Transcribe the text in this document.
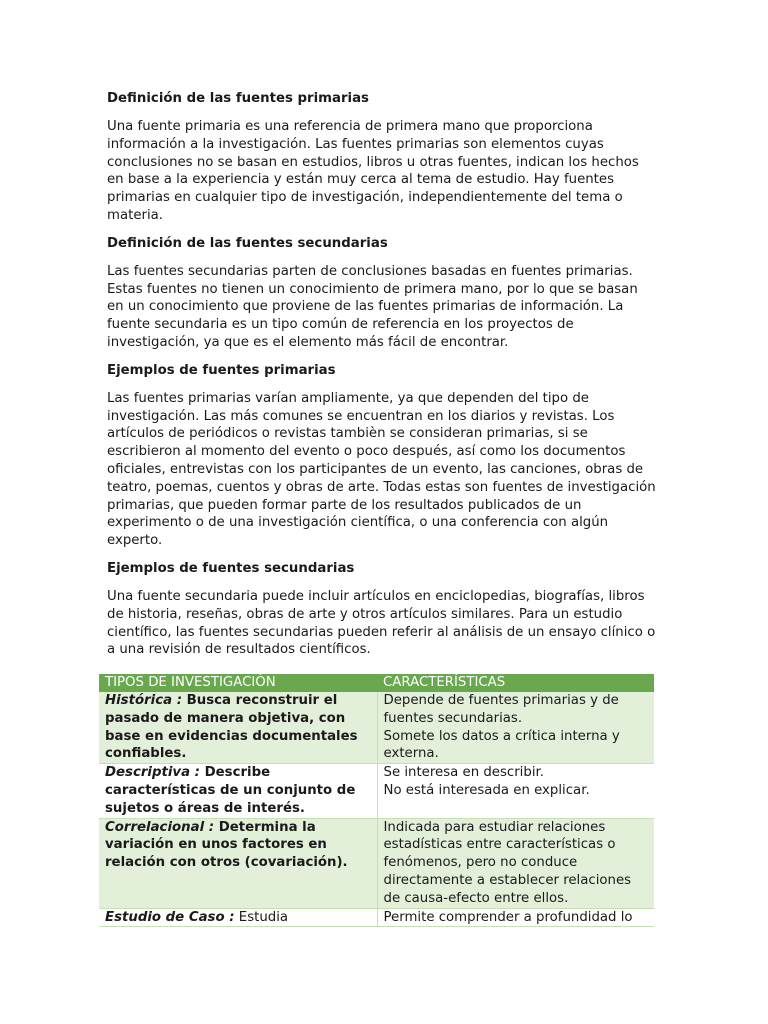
Definición de las fuentes primarias

Una fuente primaria es una referencia de primera mano que proporciona información a la investigación. Las fuentes primarias son elementos cuyas conclusiones no se basan en estudios, libros u otras fuentes, indican los hechos en base a la experiencia y están muy cerca al tema de estudio. Hay fuentes primarias en cualquier tipo de investigación, independientemente del tema o materia.

Definición de las fuentes secundarias

Las fuentes secundarias parten de conclusiones basadas en fuentes primarias. Estas fuentes no tienen un conocimiento de primera mano, por lo que se basan en un conocimiento que proviene de las fuentes primarias de información. La fuente secundaria es un tipo común de referencia en los proyectos de investigación, ya que es el elemento más fácil de encontrar.

Ejemplos de fuentes primarias

Las fuentes primarias varían ampliamente, ya que dependen del tipo de investigación. Las más comunes se encuentran en los diarios y revistas. Los artículos de periódicos o revistas tambièn se consideran primarias, si se escribieron al momento del evento o poco después, así como los documentos oficiales, entrevistas con los participantes de un evento, las canciones, obras de teatro, poemas, cuentos y obras de arte. Todas estas son fuentes de investigación primarias, que pueden formar parte de los resultados publicados de un experimento o de una investigación científica, o una conferencia con algún experto.

Ejemplos de fuentes secundarias

Una fuente secundaria puede incluir artículos en enciclopedias, biografías, libros de historia, reseñas, obras de arte y otros artículos similares. Para un estudio científico, las fuentes secundarias pueden referir al análisis de un ensayo clínico o a una revisión de resultados científicos.

TIPOS DE INVESTIGACIÓN	CARACTERÍSTICAS
Histórica : Busca reconstruir el pasado de manera objetiva, con base en evidencias documentales confiables.	Depende de fuentes primarias y de fuentes secundarias.
Somete los datos a crítica interna y externa.

Descriptiva : Describe características de un conjunto de sujetos o áreas de interés.	Se interesa en describir.
No está interesada en explicar.

Correlacional : Determina la variación en unos factores en relación con otros (covariación).	Indicada para estudiar relaciones estadísticas entre características o fenómenos, pero no conduce directamente a establecer relaciones de causa-efecto entre ellos.

Estudio de Caso : Estudia	Permite comprender a profundidad lo
